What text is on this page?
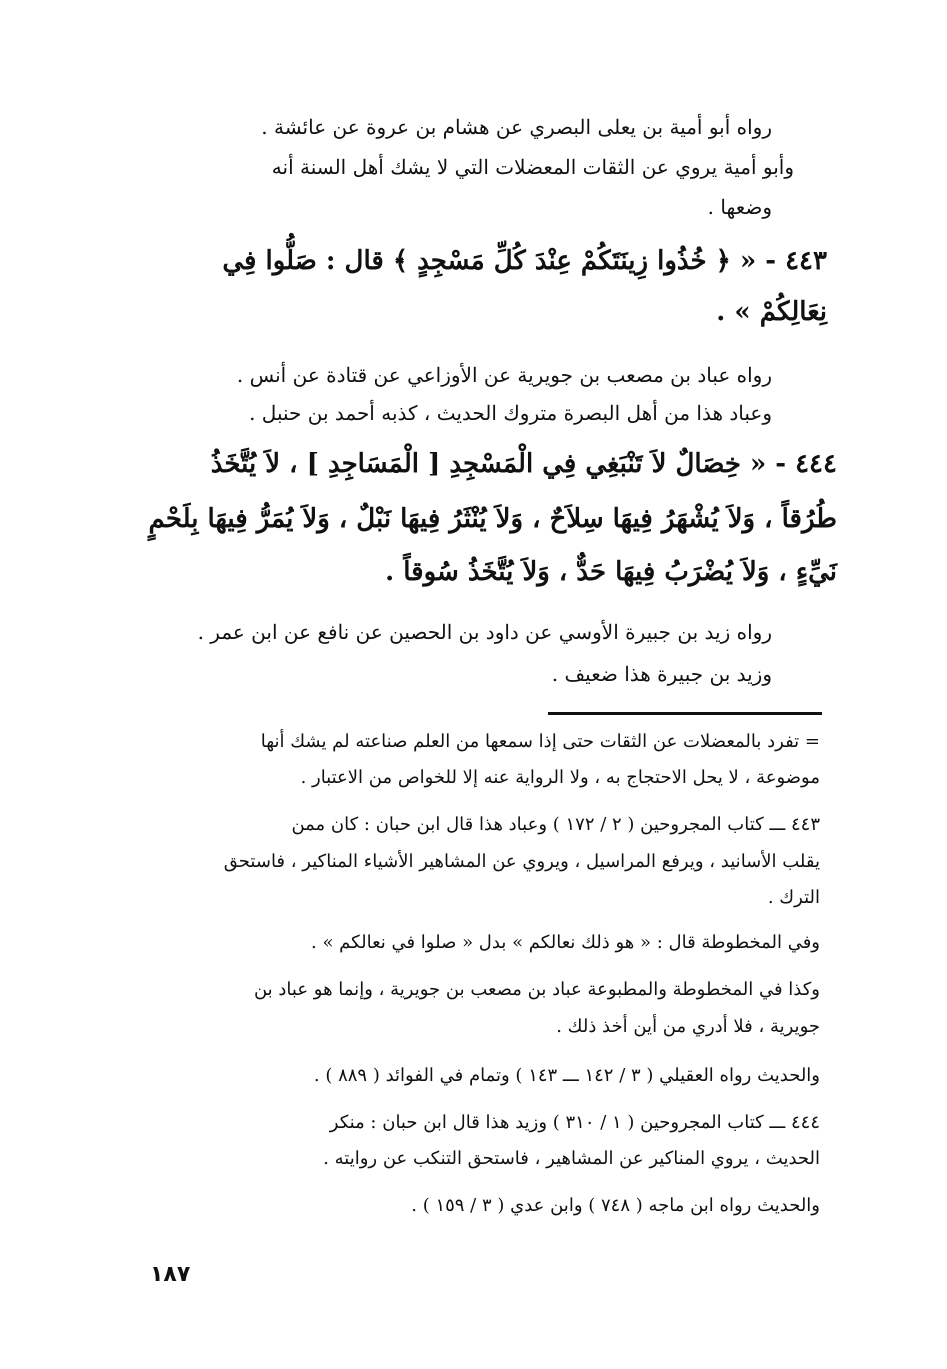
رواه أبو أمية بن يعلى البصري عن هشام بن عروة عن عائشة .
وأبو أمية يروي عن الثقات المعضلات التي لا يشك أهل السنة أنه
وضعها .
٤٤٣ - « ﴿ خُذُوا زِينَتَكُمْ عِنْدَ كُلِّ مَسْجِدٍ ﴾ قال : صَلُّوا فِي
نِعَالِكُمْ » .
رواه عباد بن مصعب بن جويرية عن الأوزاعي عن قتادة عن أنس .
وعباد هذا من أهل البصرة متروك الحديث ، كذبه أحمد بن حنبل .
٤٤٤ - « خِصَالٌ لاَ تَنْبَغِي فِي الْمَسْجِدِ [ الْمَسَاجِدِ ] ، لاَ يُتَّخَذُ
طُرُقاً ، وَلاَ يُشْهَرُ فِيهَا سِلاَحٌ ، وَلاَ يُنْثَرُ فِيهَا نَبْلٌ ، وَلاَ يُمَرُّ فِيهَا بِلَحْمٍ
نَيِّءٍ ، وَلاَ يُضْرَبُ فِيهَا حَدٌّ ، وَلاَ يُتَّخَذُ سُوقاً .
رواه زيد بن جبيرة الأوسي عن داود بن الحصين عن نافع عن ابن عمر .
وزيد بن جبيرة هذا ضعيف .
= تفرد بالمعضلات عن الثقات حتى إذا سمعها من العلم صناعته لم يشك أنها
موضوعة ، لا يحل الاحتجاج به ، ولا الرواية عنه إلا للخواص من الاعتبار .
٤٤٣ ـــ كتاب المجروحين ( ٢ / ١٧٢ ) وعباد هذا قال ابن حبان : كان ممن
يقلب الأسانيد ، ويرفع المراسيل ، ويروي عن المشاهير الأشياء المناكير ، فاستحق
الترك .
وفي المخطوطة قال : « هو ذلك نعالكم » بدل « صلوا في نعالكم » .
وكذا في المخطوطة والمطبوعة عباد بن مصعب بن جويرية ، وإنما هو عباد بن
جويرية ، فلا أدري من أين أخذ ذلك .
والحديث رواه العقيلي ( ٣ / ١٤٢ ـــ ١٤٣ ) وتمام في الفوائد ( ٨٨٩ ) .
٤٤٤ ـــ كتاب المجروحين ( ١ / ٣١٠ ) وزيد هذا قال ابن حبان : منكر
الحديث ، يروي المناكير عن المشاهير ، فاستحق التنكب عن روايته .
والحديث رواه ابن ماجه ( ٧٤٨ ) وابن عدي ( ٣ / ١٥٩ ) .
١٨٧
